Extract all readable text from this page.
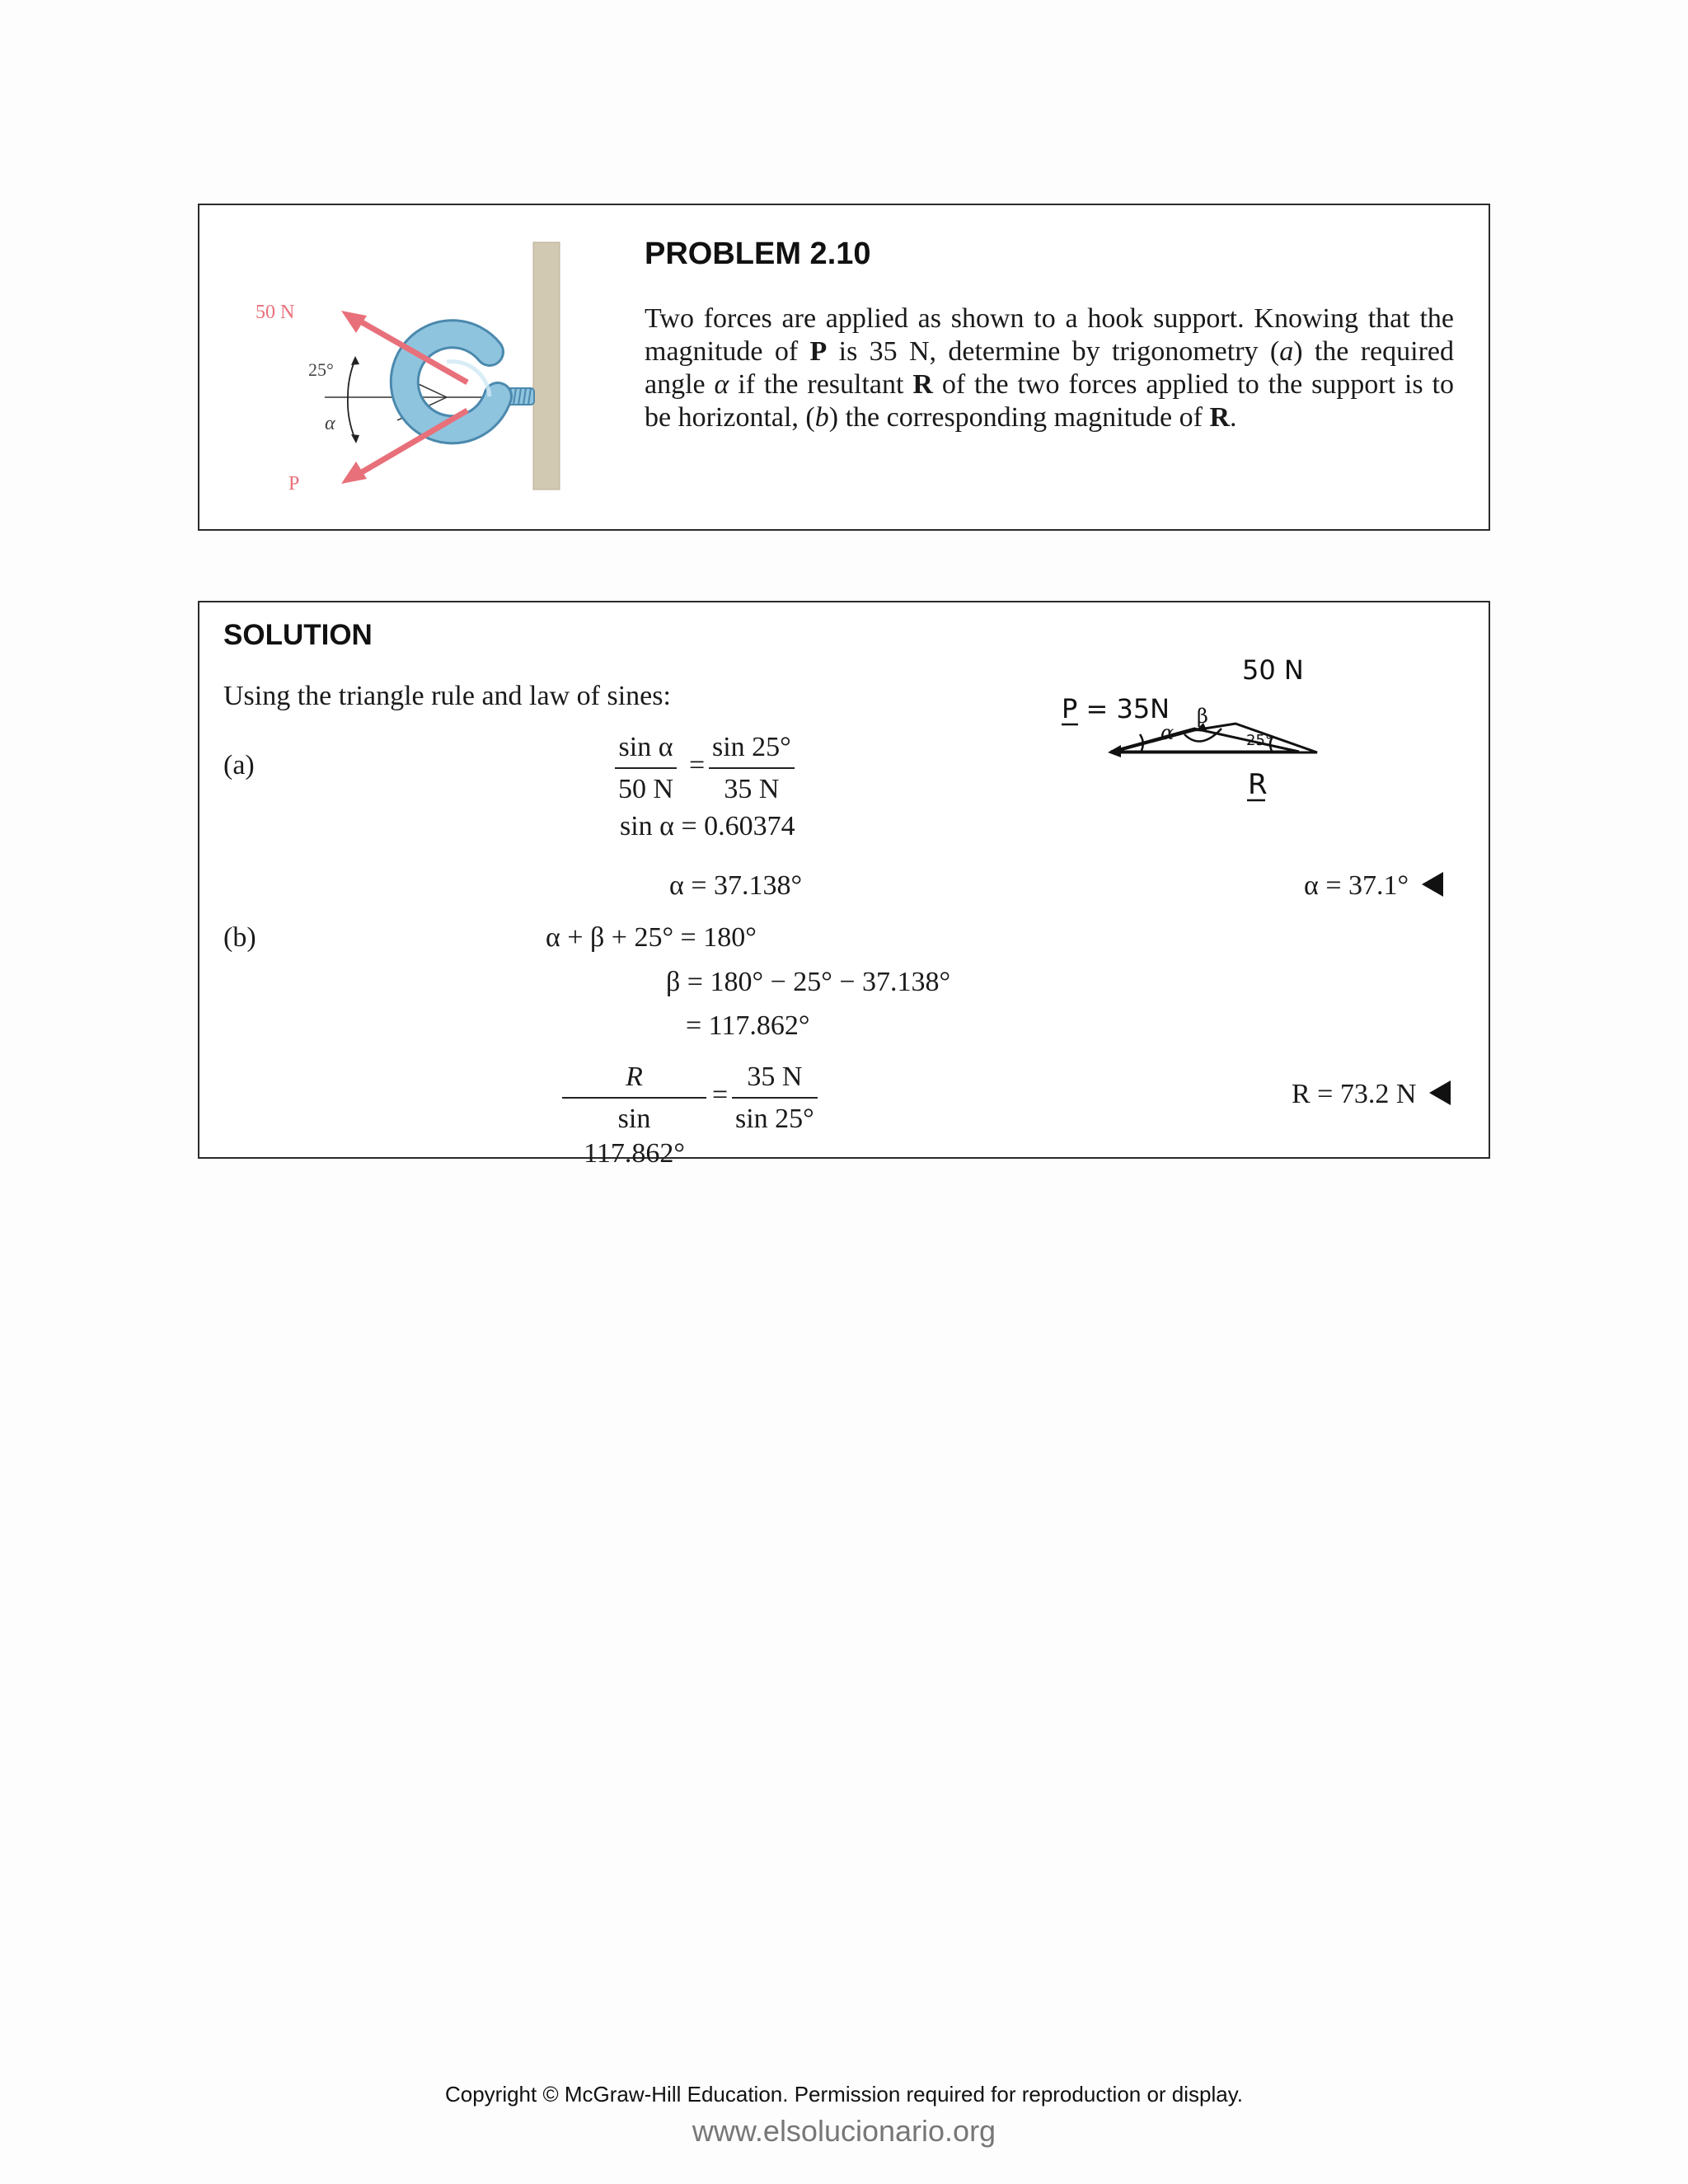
50 N
25°
α
P
PROBLEM 2.10
Two forces are applied as shown to a hook support. Knowing that the magnitude of P is 35 N, determine by trigonometry (a) the required angle α if the resultant R of the two forces applied to the support is to be horizontal, (b) the corresponding magnitude of R.
SOLUTION
Using the triangle rule and law of sines:
(a)	$\frac{\text{sin α}}{50 N} = \frac{\sin 25^\circ}{35 N}$
sin α = 0.60374
α = 37.138°	α = 37.1°
(b)	α + β + 25° = 180°
β = 180° − 25° − 37.138°
= 117.862°
$\frac{R}{\sin 117.862^\circ} = \frac{35 N}{\sin 25^\circ}$	R = 73.2 N
P = 35N
50 N
β
α	25°
R
Copyright © McGraw-Hill Education. Permission required for reproduction or display.
www.elsolucionario.org
